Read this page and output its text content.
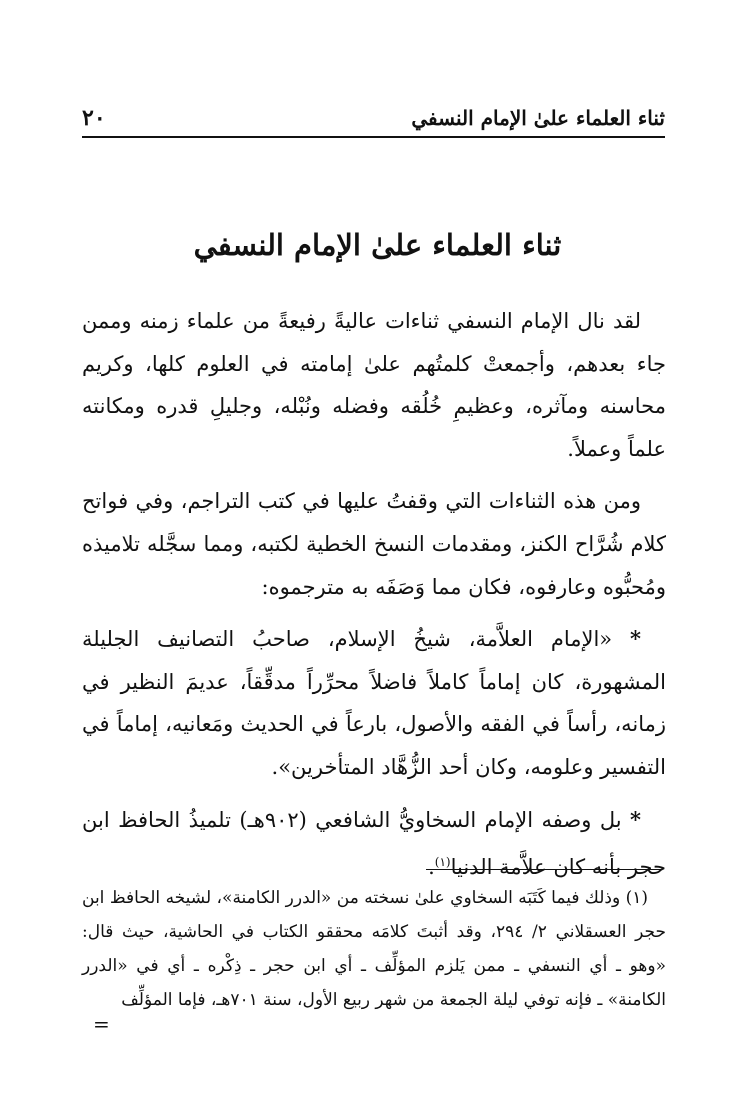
ثناء العلماء علىٰ الإمام النسفي
٢٠
ثناء العلماء علىٰ الإمام النسفي

لقد نال الإمام النسفي ثناءات عاليةً رفيعةً من علماء زمنه وممن جاء بعدهم، وأجمعتْ كلمتُهم علىٰ إمامته في العلوم كلها، وكريم محاسنه ومآثره، وعظيمِ خُلُقه وفضله ونُبْله، وجليلِ قدره ومكانته علماً وعملاً.

ومن هذه الثناءات التي وقفتُ عليها في كتب التراجم، وفي فواتح كلام شُرَّاح الكنز، ومقدمات النسخ الخطية لكتبه، ومما سجَّله تلاميذه ومُحبُّوه وعارفوه، فكان مما وَصَفَه به مترجموه:

* «الإمام العلاَّمة، شيخُ الإسلام، صاحبُ التصانيف الجليلة المشهورة، كان إماماً كاملاً فاضلاً محرِّراً مدقِّقاً، عديمَ النظير في زمانه، رأساً في الفقه والأصول، بارعاً في الحديث ومَعانيه، إماماً في التفسير وعلومه، وكان أحد الزُّهَّاد المتأخرين».

* بل وصفه الإمام السخاويُّ الشافعي (٩٠٢هـ) تلميذُ الحافظ ابن حجر بأنه كان علاَّمة الدنيا$^{(١)}$.

(١) وذلك فيما كَتَبَه السخاوي علىٰ نسخته من «الدرر الكامنة»، لشيخه الحافظ ابن حجر العسقلاني ٢/ ٢٩٤، وقد أثبتَ كلامَه محققو الكتاب في الحاشية، حيث قال: «وهو ـ أي النسفي ـ ممن يَلزم المؤلِّف ـ أي ابن حجر ـ ذِكْره ـ أي في «الدرر الكامنة» ـ فإنه توفي ليلة الجمعة من شهر ربيع الأول، سنة ٧٠١هـ، فإما المؤلِّف

=
